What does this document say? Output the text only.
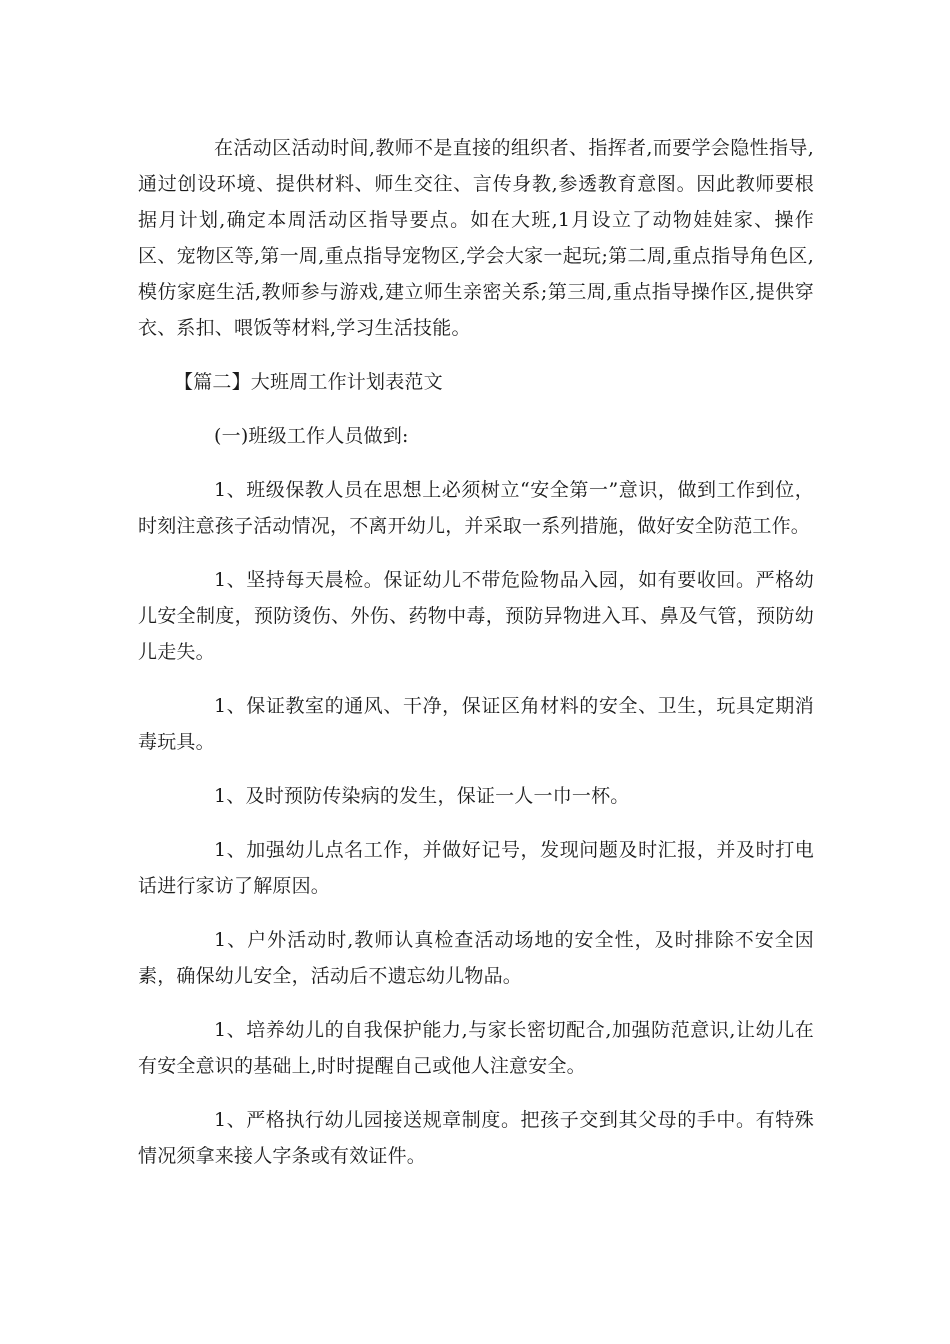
在活动区活动时间,教师不是直接的组织者、指挥者,而要学会隐性指导,通过创设环境、提供材料、师生交往、言传身教,参透教育意图。因此教师要根据月计划,确定本周活动区指导要点。如在大班,1月设立了动物娃娃家、操作区、宠物区等,第一周,重点指导宠物区,学会大家一起玩;第二周,重点指导角色区,模仿家庭生活,教师参与游戏,建立师生亲密关系;第三周,重点指导操作区,提供穿衣、系扣、喂饭等材料,学习生活技能。

【篇二】大班周工作计划表范文

(一)班级工作人员做到:

1、班级保教人员在思想上必须树立“安全第一”意识，做到工作到位，时刻注意孩子活动情况，不离开幼儿，并采取一系列措施，做好安全防范工作。

1、坚持每天晨检。保证幼儿不带危险物品入园，如有要收回。严格幼儿安全制度，预防烫伤、外伤、药物中毒，预防异物进入耳、鼻及气管，预防幼儿走失。

1、保证教室的通风、干净，保证区角材料的安全、卫生，玩具定期消毒玩具。

1、及时预防传染病的发生，保证一人一巾一杯。

1、加强幼儿点名工作，并做好记号，发现问题及时汇报，并及时打电话进行家访了解原因。

1、户外活动时,教师认真检查活动场地的安全性，及时排除不安全因素，确保幼儿安全，活动后不遗忘幼儿物品。

1、培养幼儿的自我保护能力,与家长密切配合,加强防范意识,让幼儿在有安全意识的基础上,时时提醒自己或他人注意安全。

1、严格执行幼儿园接送规章制度。把孩子交到其父母的手中。有特殊情况须拿来接人字条或有效证件。
